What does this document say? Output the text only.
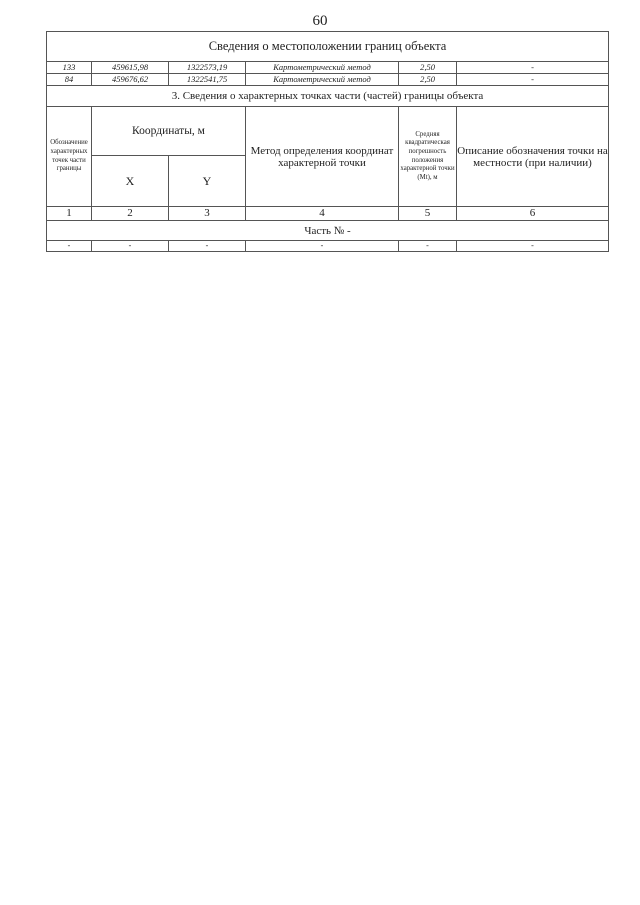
60
Сведения о местоположении границ объекта					
133	459615,98	1322573,19	Картометрический метод	2,50	-
84	459676,62	1322541,75	Картометрический метод	2,50	-
3. Сведения о характерных точках части (частей) границы объекта					
Обозначение характерных точек части границы	Координаты, м		Метод определения координат характерной точки	Средняя квадратическая погрешность положения характерной точки (Мt), м	Описание обозначения точки на местности (при наличии)
	X	Y			
1	2	3	4	5	6
Часть № -					
-	-	-	-	-	-
